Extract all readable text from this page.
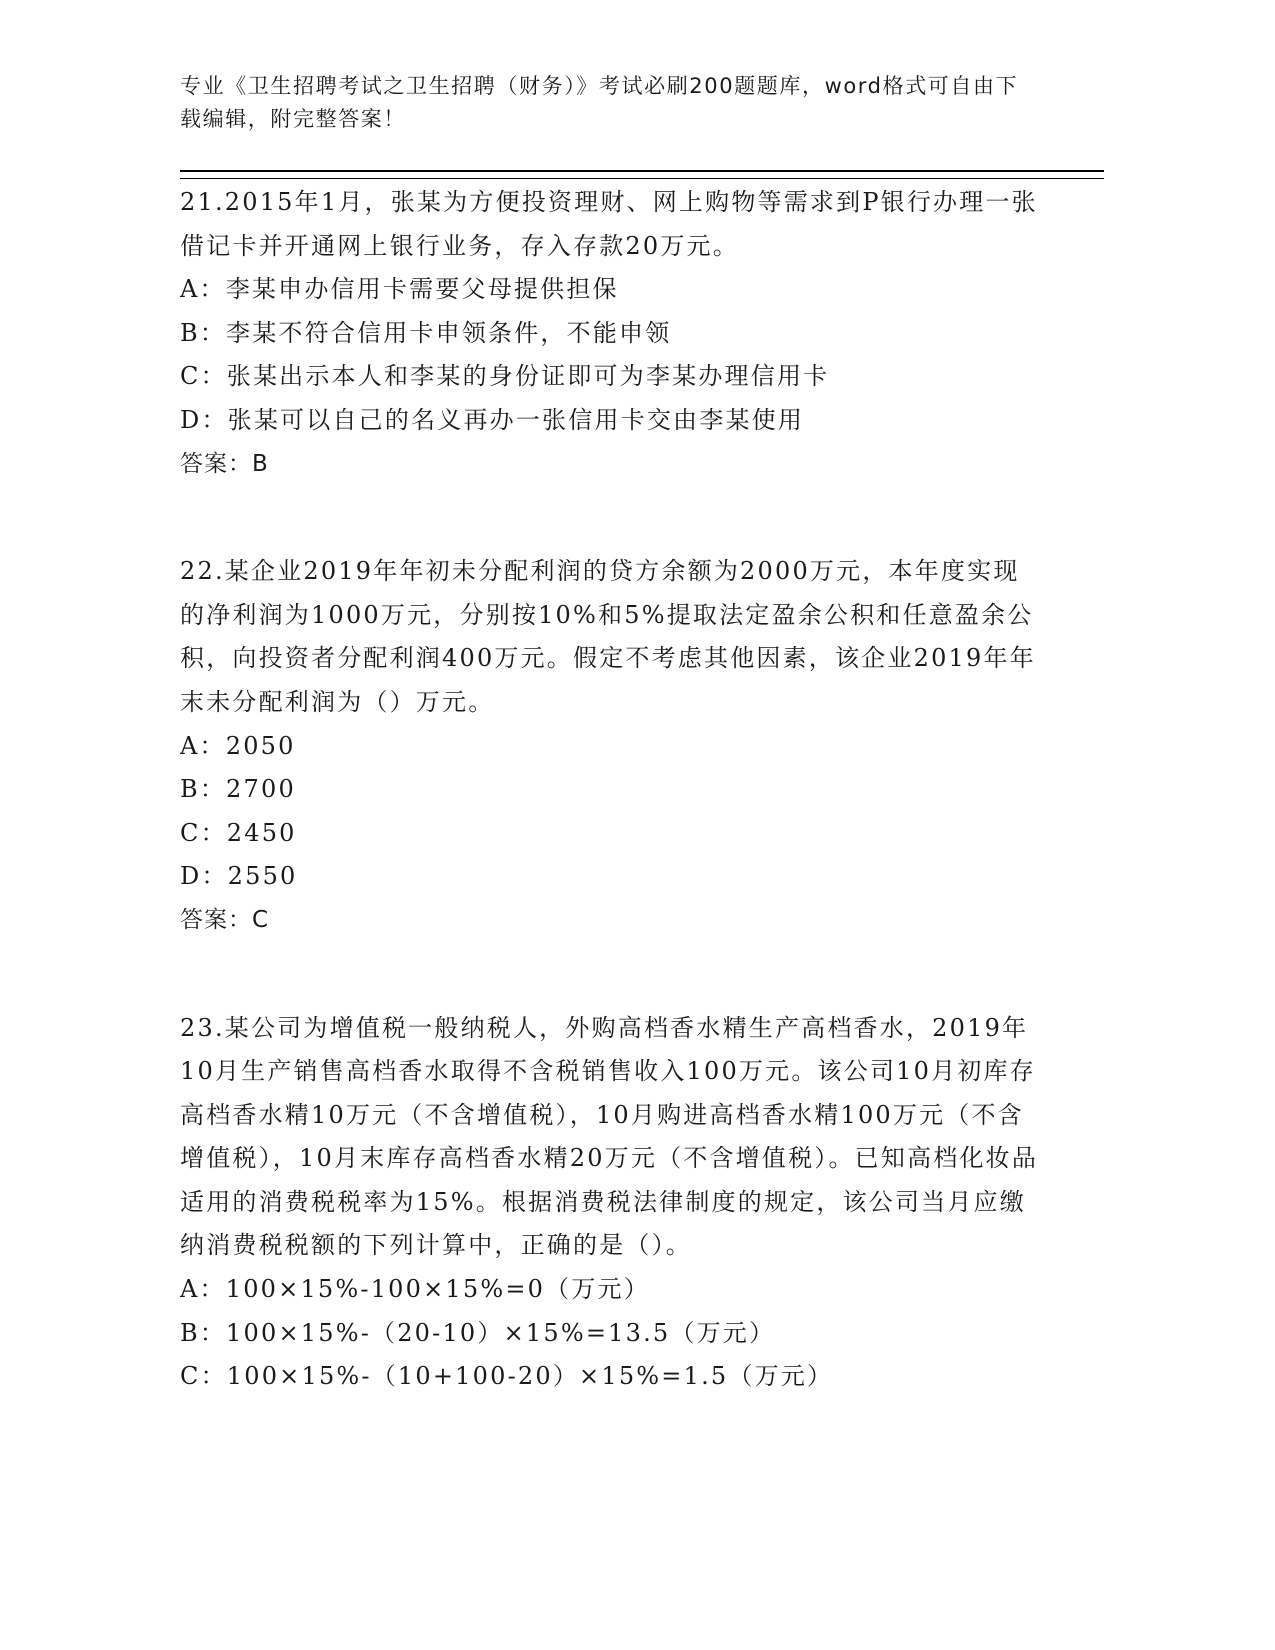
专业《卫生招聘考试之卫生招聘（财务）》考试必刷200题题库，word格式可自由下载编辑，附完整答案！

21.2015年1月，张某为方便投资理财、网上购物等需求到P银行办理一张借记卡并开通网上银行业务，存入存款20万元。

A：李某申办信用卡需要父母提供担保

B：李某不符合信用卡申领条件，不能申领

C：张某出示本人和李某的身份证即可为李某办理信用卡

D：张某可以自己的名义再办一张信用卡交由李某使用

答案：B

22.某企业2019年年初未分配利润的贷方余额为2000万元，本年度实现的净利润为1000万元，分别按10%和5%提取法定盈余公积和任意盈余公积，向投资者分配利润400万元。假定不考虑其他因素，该企业2019年年末未分配利润为（）万元。

A：2050

B：2700

C：2450

D：2550

答案：C

23.某公司为增值税一般纳税人，外购高档香水精生产高档香水，2019年10月生产销售高档香水取得不含税销售收入100万元。该公司10月初库存高档香水精10万元（不含增值税），10月购进高档香水精100万元（不含增值税），10月末库存高档香水精20万元（不含增值税）。已知高档化妆品适用的消费税税率为15%。根据消费税法律制度的规定，该公司当月应缴纳消费税税额的下列计算中，正确的是（）。

A：100×15%-100×15%=0（万元）

B：100×15%-（20-10）×15%=13.5（万元）

C：100×15%-（10+100-20）×15%=1.5（万元）
